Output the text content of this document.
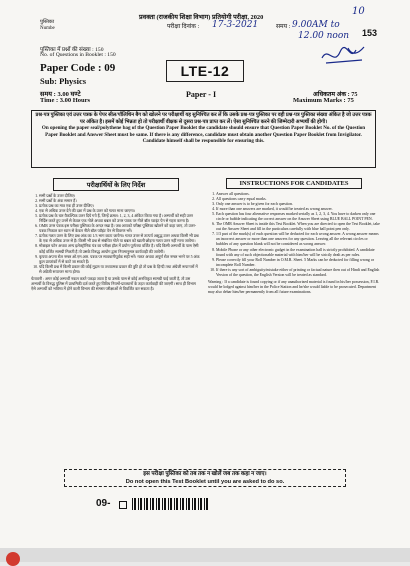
10
17-3-2021	9.00AM to
12.00 noon
प्रवक्ता (राजकीय शिक्षा विभाग) प्रतियोगी परीक्षा, 2020
परीक्षा दिनांक :	समय :
पुस्तिका
Numbe	153
पुस्तिका में प्रश्नों की संख्या : 150
No. of Questions in Booklet : 150
Paper Code : 09
Sub: Physics
समय : 3.00 घण्टे
Time : 3.00 Hours
LTE-12
Paper - I	अधिकतम अंक : 75
Maximum Marks : 75
प्रश्न-पत्र पुस्तिका एवं उत्तर पत्रक के पेपर सील/पॉलिथिन बैग को खोलने पर परीक्षार्थी यह सुनिश्चित कर लें कि उसके प्रश्न-पत्र पुस्तिका पर वही प्रश्न-पत्र पुस्तिका संख्या अंकित है जो उत्तर पत्रक पर अंकित है। इसमें कोई भिन्नता हो तो परीक्षार्थी वीक्षक से दूसरा प्रश्न-पत्र प्राप्त कर लें। ऐसा सुनिश्चित करने की जिम्मेदारी अभ्यर्थी की होगी।
On opening the paper seal/polythene bag of the Question Paper Booklet the candidate should ensure that Question Paper Booklet No. of the Question Paper Booklet and Answer Sheet must be same. If there is any difference, candidate must obtain another Question Paper Booklet from Invigilator. Candidate himself shall be responsible for ensuring this.
परीक्षार्थियों के लिए निर्देश
1. सभी प्रश्नों के उत्तर दीजिए।
2. सभी प्रश्नों के अंक समान हैं।
3. प्रत्येक प्रश्न का मात्र एक ही उत्तर दीजिए।
4. एक से अधिक उत्तर देने की दशा में प्रश्न के उत्तर को गलत माना जाएगा।
5. प्रत्येक प्रश्न के चार वैकल्पिक उत्तर दिये गये हैं, जिन्हें क्रमश: 1, 2, 3, 4 अंकित किया गया है। अभ्यर्थी को सही उत्तर निर्दिष्ट करते हुए उनमें से केवल एक गोले अथवा बबल को उत्तर पत्रक पर नीले बॉल प्वाइंट पेन से गहरा करना है।
6. OMR उत्तर पत्रक इस परीक्षा पुस्तिका के अन्दर रखा है। जब आपको परीक्षा पुस्तिका खोलने को कहा जाए, तो उत्तर-पत्रक निकाल कर ध्यान से केवल नीले बॉल प्वॉइंट पेन से विवरण भरें।
7. प्रत्येक गलत उत्तर के लिए प्रश्न अंक का 1/3 भाग काटा जायेगा। गलत उत्तर से तात्पर्य अशुद्ध उत्तर अथवा किसी भी प्रश्न के एक से अधिक उत्तर से है। किसी भी प्रश्न से संबंधित गोले या बबल को खाली छोड़ना गलत उत्तर नहीं माना जायेगा।
8. मोबाइल फोन अथवा अन्य इलेक्ट्रॉनिक यंत्र का परीक्षा हॉल में प्रयोग पूर्णतया वर्जित है। यदि किसी अभ्यर्थी के पास ऐसी कोई वर्जित सामग्री मिलती है तो उसके विरुद्ध आयोग द्वारा नियमानुसार कार्यवाही की जायेगी।
9. कृपया अपना रोल नम्बर ओ.एम.आर. पत्रक पर सावधानीपूर्वक सही भरें। गलत अथवा अपूर्ण रोल नम्बर भरने पर 5 अंक कुल प्राप्तांकों में से काटे जा सकते हैं।
10. यदि किसी प्रश्न में किसी प्रकार की कोई मुद्रण या तथ्यात्मक प्रकार की त्रुटि हो तो प्रश्न के हिन्दी तथा अंग्रेजी रूपान्तरों में से अंग्रेजी रूपान्तर मान्य होगा।
चेतावनी : अगर कोई अभ्यर्थी नकल करते पकड़ा जाता है या उसके पास से कोई अनधिकृत सामग्री पाई जाती है, तो उस अभ्यर्थी के विरुद्ध पुलिस में प्राथमिकी दर्ज करते हुए विविध नियमों-प्रावधानों के तहत कार्यवाही की जाएगी। साथ ही विभाग ऐसे अभ्यर्थी को भविष्य में होने वाली विभाग की समस्त परीक्षाओं से विवर्जित कर सकता है।
INSTRUCTIONS FOR CANDIDATES
1. Answer all questions.
2. All questions carry equal marks.
3. Only one answer is to be given for each question.
4. If more than one answers are marked, it would be treated as wrong answer.
5. Each question has four alternative responses marked serially as 1, 2, 3, 4. You have to darken only one circle or bubble indicating the correct answer on the Answer Sheet using BLUE BALL POINT PEN.
6. The OMR Answer Sheet is inside this Test Booklet. When you are directed to open the Test Booklet, take out the Answer Sheet and fill in the particulars carefully with blue ball point pen only.
7. 1/3 part of the mark(s) of each question will be deducted for each wrong answer. A wrong answer means an incorrect answer or more than one answers for any question. Leaving all the relevant circles or bubbles of any question blank will not be considered as wrong answer.
8. Mobile Phone or any other electronic gadget in the examination hall is strictly prohibited. A candidate found with any of such objectionable material with him/her will be strictly dealt as per rules.
9. Please correctly fill your Roll Number in O.M.R. Sheet. 5 Marks can be deducted for filling wrong or incomplete Roll Number.
10. If there is any sort of ambiguity/mistake either of printing or factual nature then out of Hindi and English Version of the question, the English Version will be treated as standard.
Warning : If a candidate is found copying or if any unauthorized material is found in his/her possession, F.I.R. would be lodged against him/her in the Police Station and he/she would liable to be prosecuted. Department may also debar him/her permanently from all future examinations.
इस परीक्षा पुस्तिका को तब तक न खोलें जब तक कहा न जाए।
Do not open this Test Booklet until you are asked to do so.
09-
